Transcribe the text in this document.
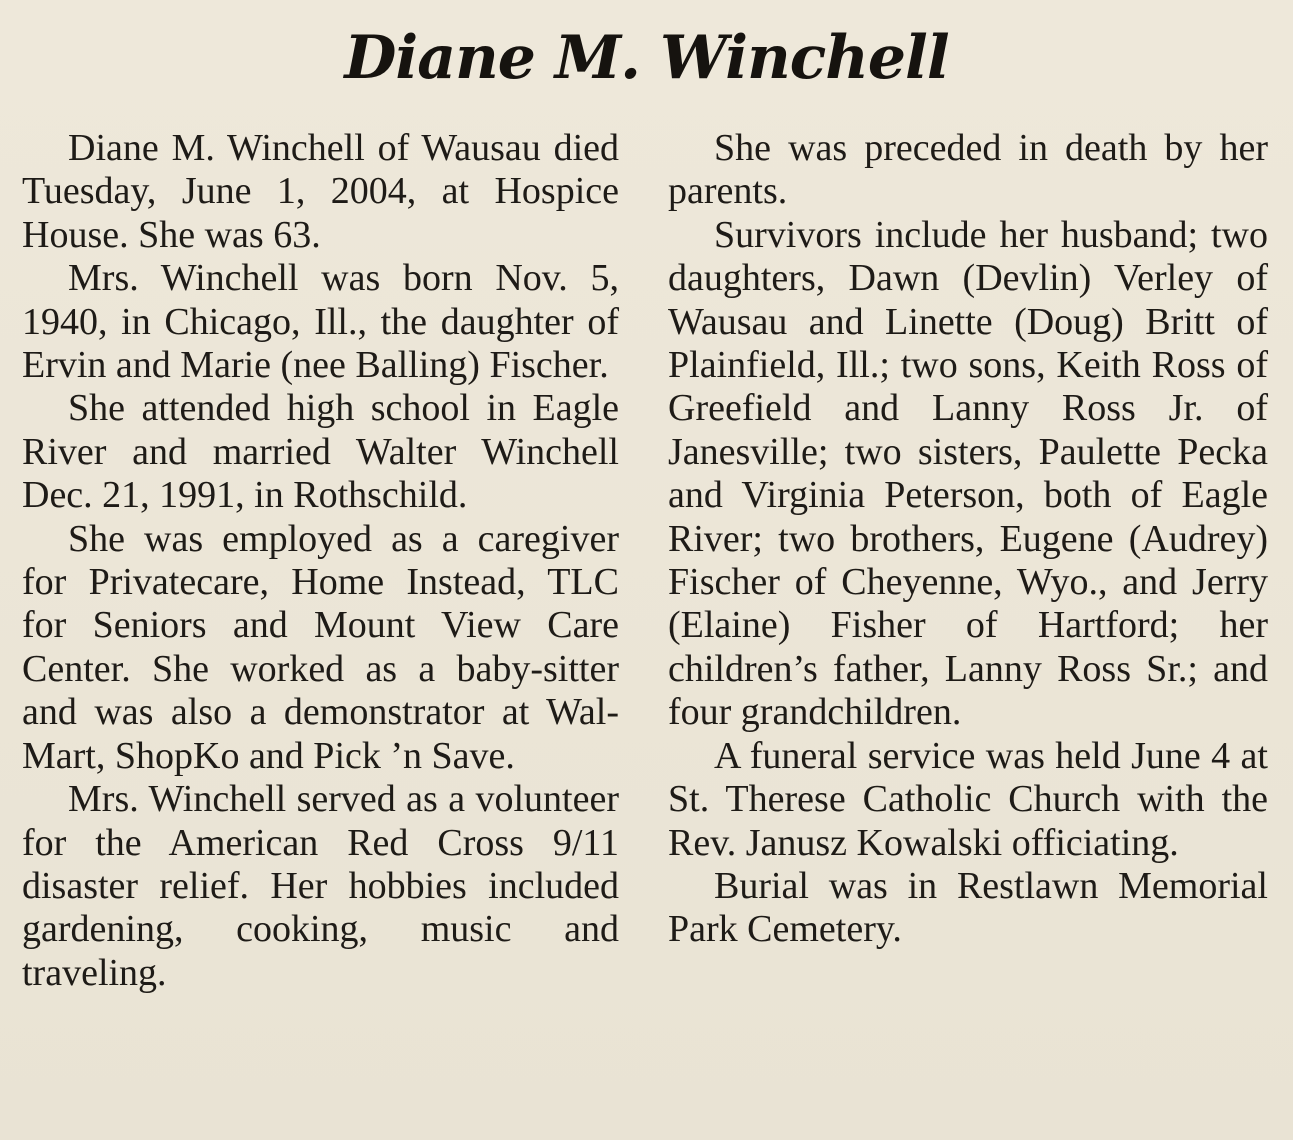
Diane M. Winchell

Diane M. Winchell of Wausau died Tuesday, June 1, 2004, at Hospice House. She was 63.

Mrs. Winchell was born Nov. 5, 1940, in Chicago, Ill., the daughter of Ervin and Marie (nee Balling) Fischer.

She attended high school in Eagle River and married Walter Winchell Dec. 21, 1991, in Rothschild.

She was employed as a caregiver for Privatecare, Home Instead, TLC for Seniors and Mount View Care Center. She worked as a baby-sitter and was also a demonstrator at Wal-Mart, ShopKo and Pick ’n Save.

Mrs. Winchell served as a volunteer for the American Red Cross 9/11 disaster relief. Her hobbies included gardening, cooking, music and traveling.

She was preceded in death by her parents.

Survivors include her husband; two daughters, Dawn (Devlin) Verley of Wausau and Linette (Doug) Britt of Plainfield, Ill.; two sons, Keith Ross of Greefield and Lanny Ross Jr. of Janesville; two sisters, Paulette Pecka and Virginia Peterson, both of Eagle River; two brothers, Eugene (Audrey) Fischer of Cheyenne, Wyo., and Jerry (Elaine) Fisher of Hartford; her children’s father, Lanny Ross Sr.; and four grandchildren.

A funeral service was held June 4 at St. Therese Catholic Church with the Rev. Janusz Kowalski officiating.

Burial was in Restlawn Memorial Park Cemetery.
